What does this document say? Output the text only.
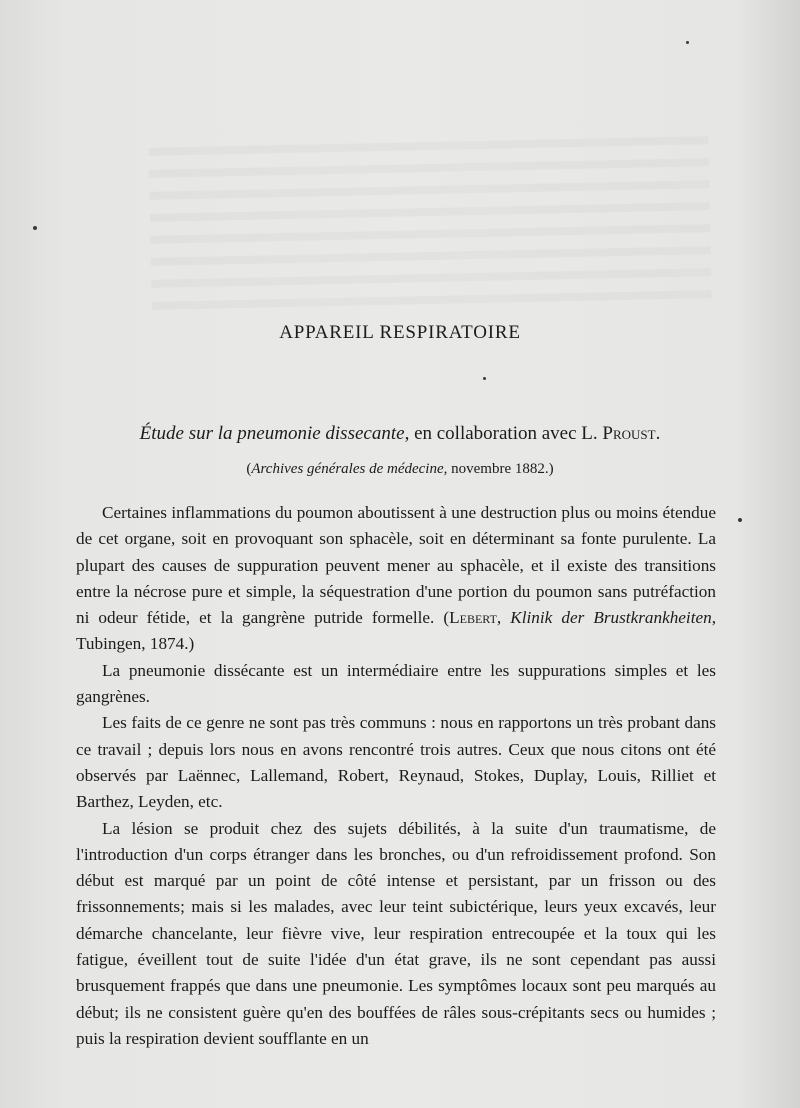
APPAREIL RESPIRATOIRE
Étude sur la pneumonie dissecante, en collaboration avec L. Proust.
(Archives générales de médecine, novembre 1882.)

Certaines inflammations du poumon aboutissent à une destruction plus ou moins étendue de cet organe, soit en provoquant son sphacèle, soit en déterminant sa fonte purulente. La plupart des causes de suppuration peuvent mener au sphacèle, et il existe des transitions entre la nécrose pure et simple, la séquestration d'une portion du poumon sans putréfaction ni odeur fétide, et la gangrène putride formelle. (Lebert, Klinik der Brustkrankheiten, Tubingen, 1874.)

La pneumonie dissécante est un intermédiaire entre les suppurations simples et les gangrènes.

Les faits de ce genre ne sont pas très communs : nous en rapportons un très probant dans ce travail ; depuis lors nous en avons rencontré trois autres. Ceux que nous citons ont été observés par Laënnec, Lallemand, Robert, Reynaud, Stokes, Duplay, Louis, Rilliet et Barthez, Leyden, etc.

La lésion se produit chez des sujets débilités, à la suite d'un traumatisme, de l'introduction d'un corps étranger dans les bronches, ou d'un refroidissement profond. Son début est marqué par un point de côté intense et persistant, par un frisson ou des frissonnements; mais si les malades, avec leur teint subictérique, leurs yeux excavés, leur démarche chancelante, leur fièvre vive, leur respiration entrecoupée et la toux qui les fatigue, éveillent tout de suite l'idée d'un état grave, ils ne sont cependant pas aussi brusquement frappés que dans une pneumonie. Les symptômes locaux sont peu marqués au début; ils ne consistent guère qu'en des bouffées de râles sous-crépitants secs ou humides ; puis la respiration devient soufflante en un
